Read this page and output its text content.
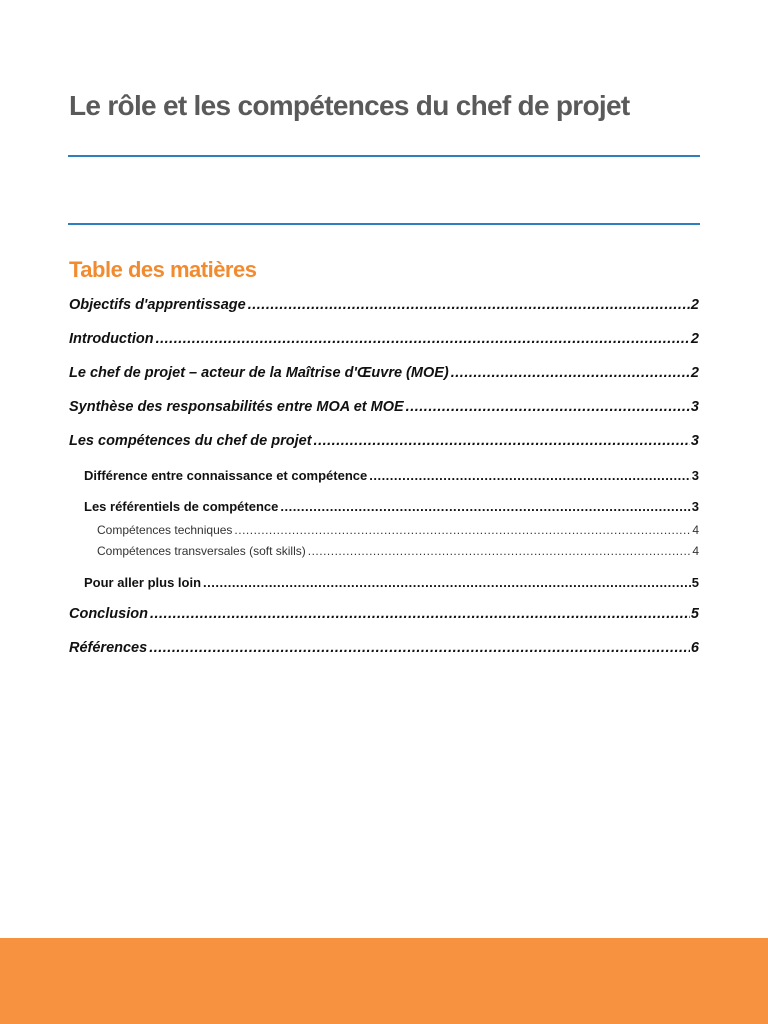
Le rôle et les compétences du chef de projet
Table des matières
Objectifs d'apprentissage .....	2
Introduction .....	2
Le chef de projet – acteur de la Maîtrise d'Œuvre (MOE) .....	2
Synthèse des responsabilités entre MOA et MOE .....	3
Les compétences du chef de projet .....	3
Différence entre connaissance et compétence .....	3
Les référentiels de compétence .....	3
Compétences techniques .....	4
Compétences transversales (soft skills) .....	4
Pour aller plus loin .....	5
Conclusion .....	5
Références .....	6
